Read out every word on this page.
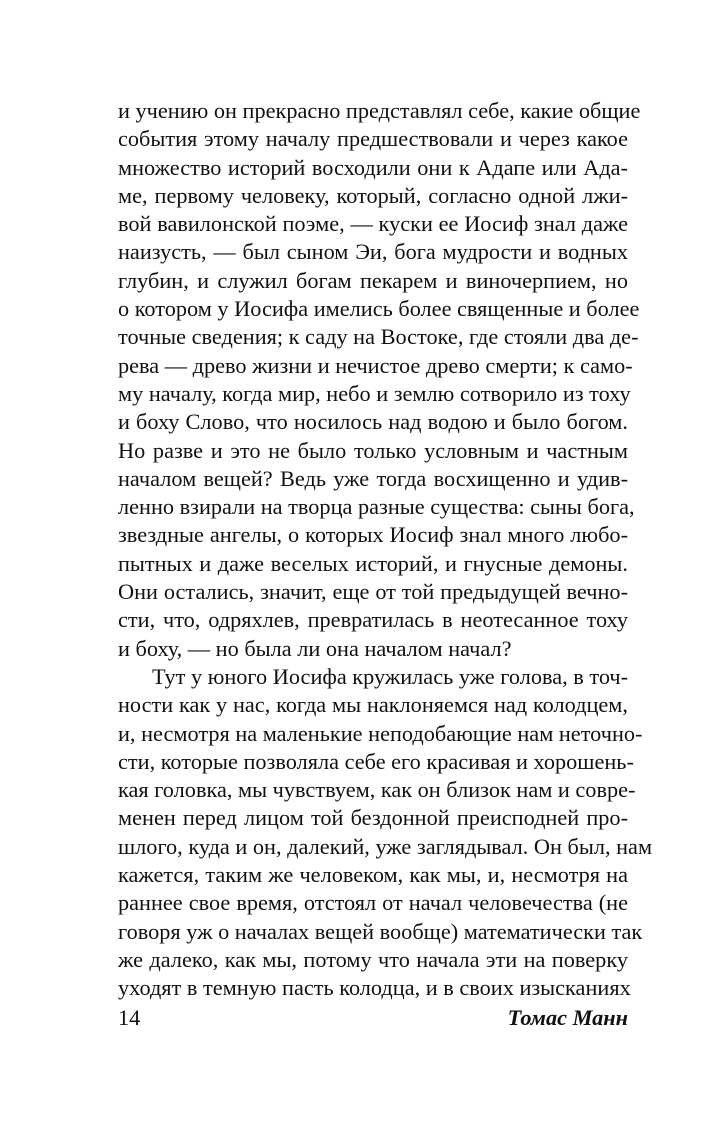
и учению он прекрасно представлял себе, какие общие
события этому началу предшествовали и через какое
множество историй восходили они к Адапе или Ада-
ме, первому человеку, который, согласно одной лжи-
вой вавилонской поэме, — куски ее Иосиф знал даже
наизусть, — был сыном Эи, бога мудрости и водных
глубин, и служил богам пекарем и виночерпием, но
о котором у Иосифа имелись более священные и более
точные сведения; к саду на Востоке, где стояли два де-
рева — древо жизни и нечистое древо смерти; к само-
му началу, когда мир, небо и землю сотворило из тоху
и боху Слово, что носилось над водою и было богом.
Но разве и это не было только условным и частным
началом вещей? Ведь уже тогда восхищенно и удив-
ленно взирали на творца разные существа: сыны бога,
звездные ангелы, о которых Иосиф знал много любо-
пытных и даже веселых историй, и гнусные демоны.
Они остались, значит, еще от той предыдущей вечно-
сти, что, одряхлев, превратилась в неотесанное тоху
и боху, — но была ли она началом начал?
Тут у юного Иосифа кружилась уже голова, в точ-
ности как у нас, когда мы наклоняемся над колодцем,
и, несмотря на маленькие неподобающие нам неточно-
сти, которые позволяла себе его красивая и хорошень-
кая головка, мы чувствуем, как он близок нам и совре-
менен перед лицом той бездонной преисподней про-
шлого, куда и он, далекий, уже заглядывал. Он был, нам
кажется, таким же человеком, как мы, и, несмотря на
раннее свое время, отстоял от начал человечества (не
говоря уж о началах вещей вообще) математически так
же далеко, как мы, потому что начала эти на поверку
уходят в темную пасть колодца, и в своих изысканиях
14	Томас Манн
